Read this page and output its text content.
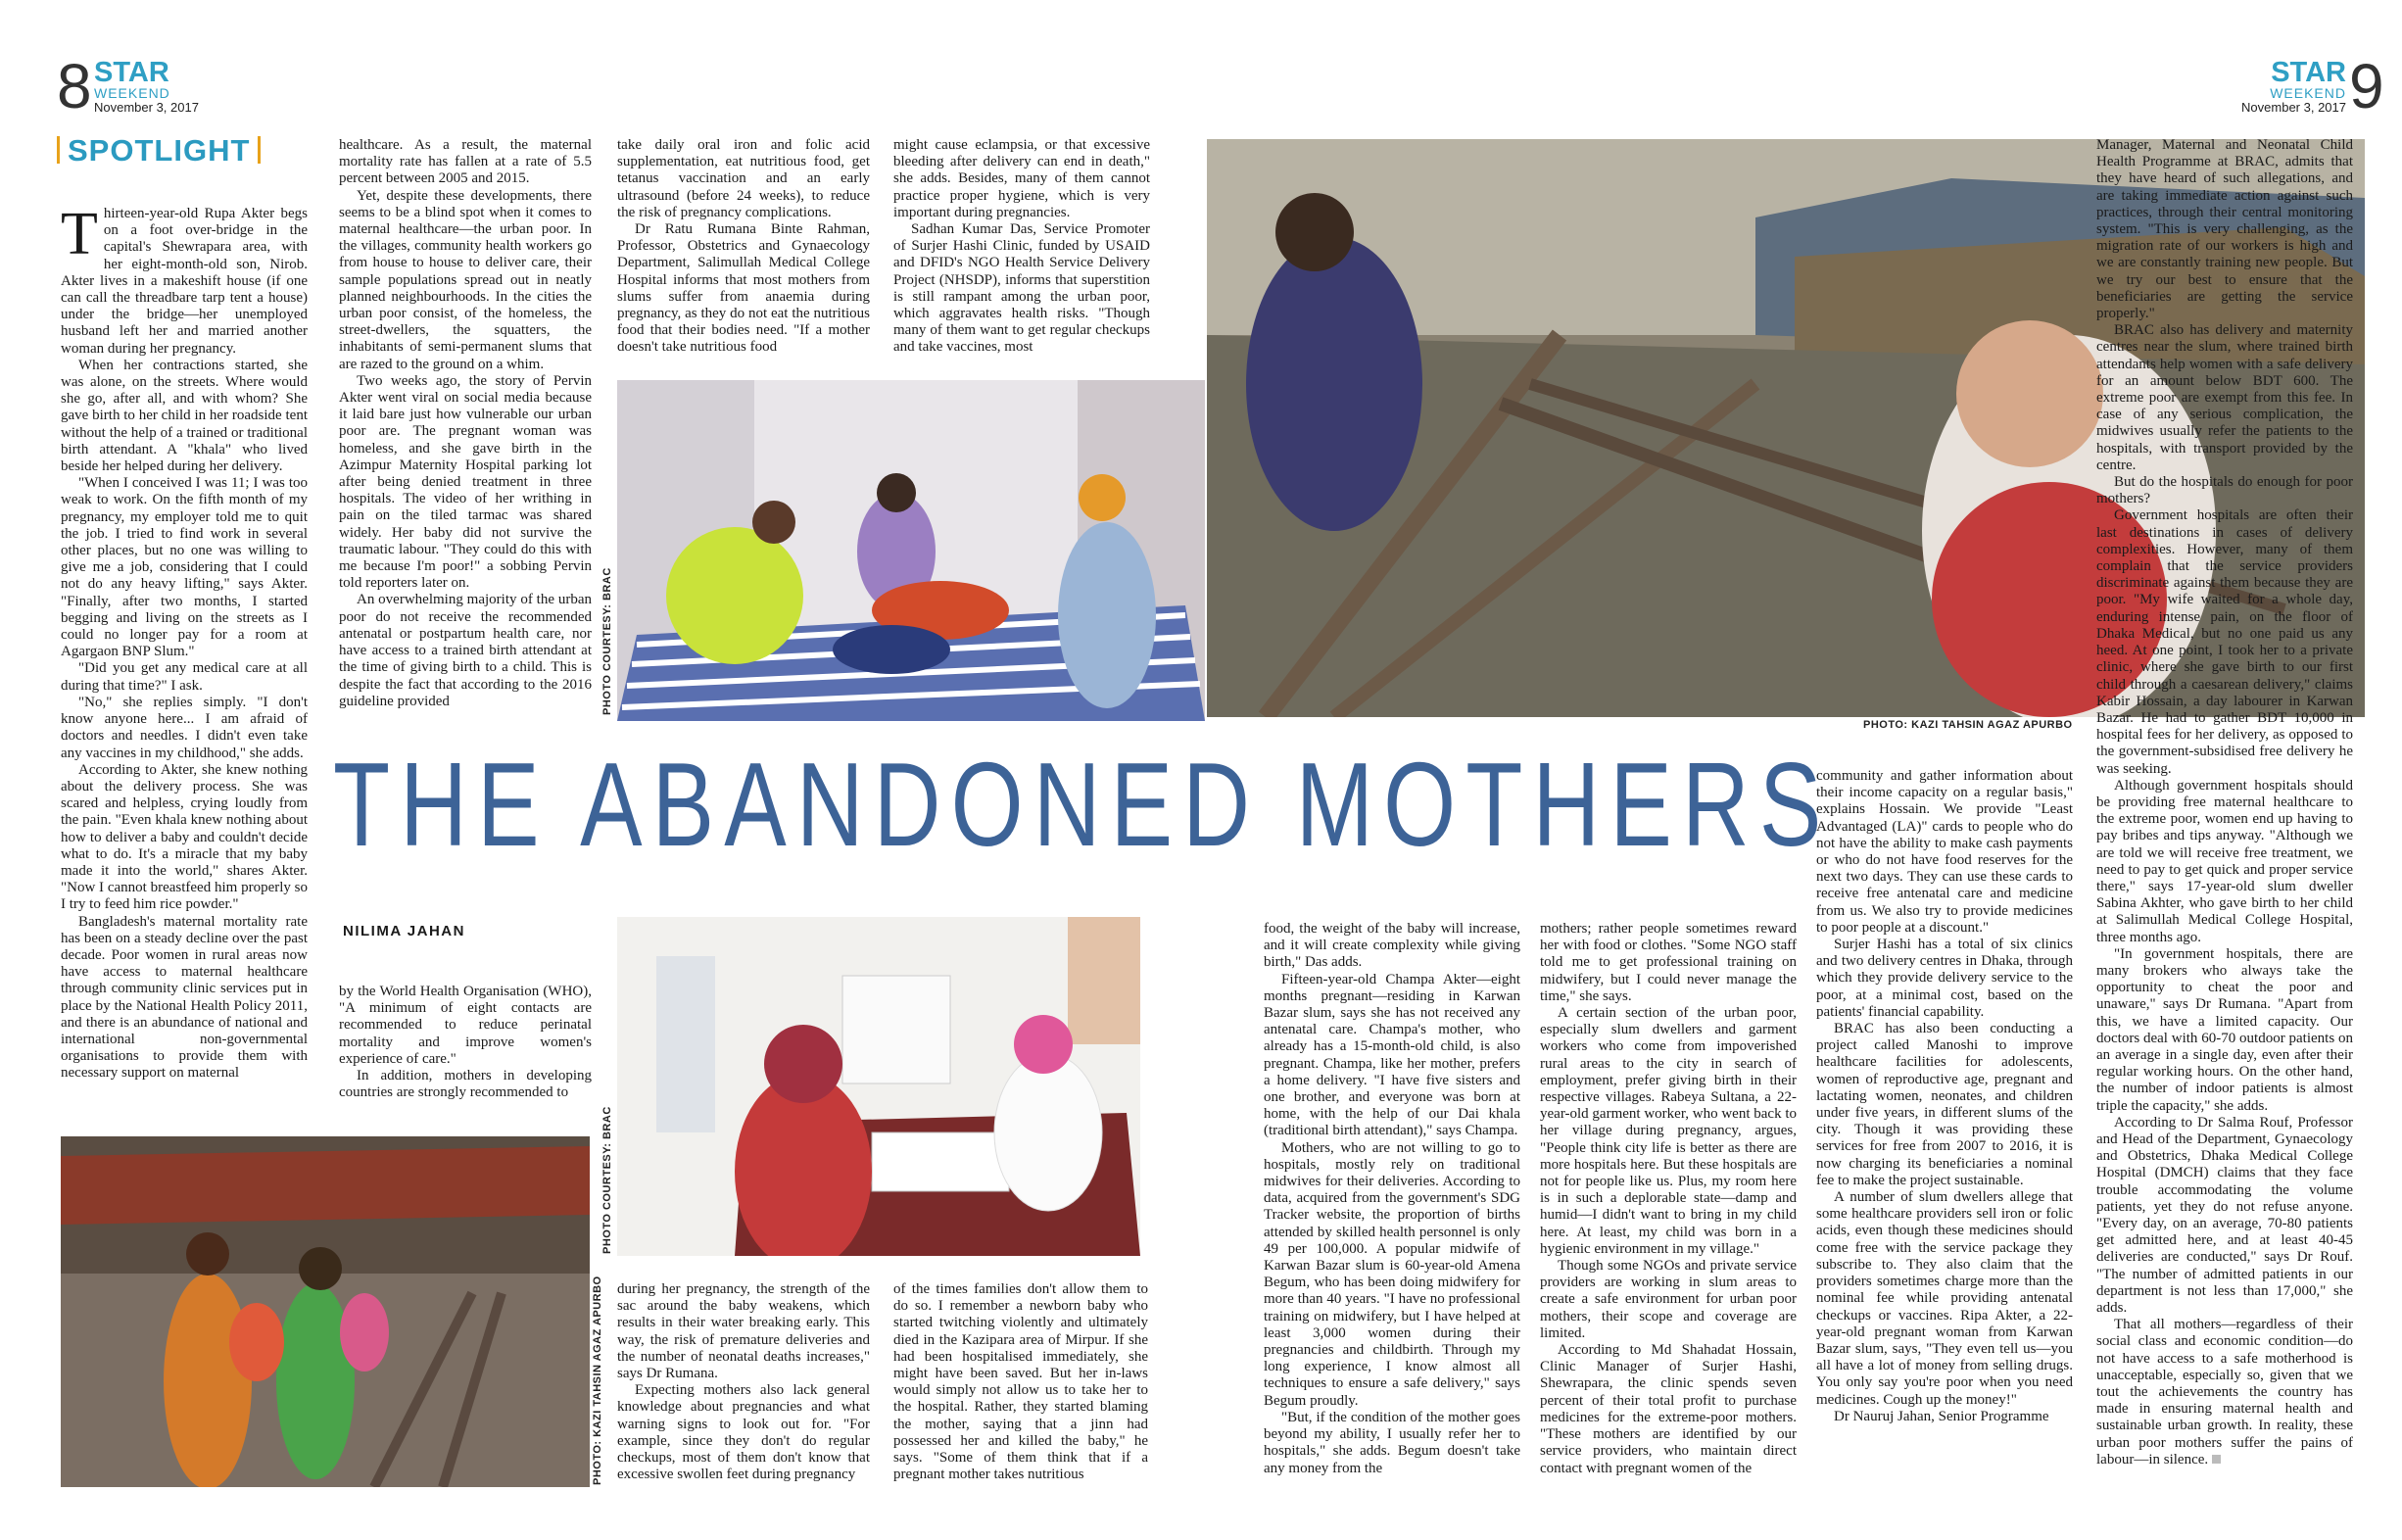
8 STAR
WEEKEND
November 3, 2017
STAR
WEEKEND
November 3, 2017 9
SPOTLIGHT
T hirteen-year-old Rupa Akter begs on a foot over-bridge in the capital's Shewrapara area, with her eight-month-old son, Nirob. Akter lives in a makeshift house (if one can call the threadbare tarp tent a house) under the bridge—her unemployed husband left her and married another woman during her pregnancy.

When her contractions started, she was alone, on the streets. Where would she go, after all, and with whom? She gave birth to her child in her roadside tent without the help of a trained or traditional birth attendant. A "khala" who lived beside her helped during her delivery.

"When I conceived I was 11; I was too weak to work. On the fifth month of my pregnancy, my employer told me to quit the job. I tried to find work in several other places, but no one was willing to give me a job, considering that I could not do any heavy lifting," says Akter. "Finally, after two months, I started begging and living on the streets as I could no longer pay for a room at Agargaon BNP Slum."

"Did you get any medical care at all during that time?" I ask.

"No," she replies simply. "I don't know anyone here... I am afraid of doctors and needles. I didn't even take any vaccines in my childhood," she adds.

According to Akter, she knew nothing about the delivery process. She was scared and helpless, crying loudly from the pain. "Even khala knew nothing about how to deliver a baby and couldn't decide what to do. It's a miracle that my baby made it into the world," shares Akter. "Now I cannot breastfeed him properly so I try to feed him rice powder."

Bangladesh's maternal mortality rate has been on a steady decline over the past decade. Poor women in rural areas now have access to maternal healthcare through community clinic services put in place by the National Health Policy 2011, and there is an abundance of national and international non-governmental organisations to provide them with necessary support on maternal

healthcare. As a result, the maternal mortality rate has fallen at a rate of 5.5 percent between 2005 and 2015.

Yet, despite these developments, there seems to be a blind spot when it comes to maternal healthcare—the urban poor. In the villages, community health workers go from house to house to deliver care, their sample populations spread out in neatly planned neighbourhoods. In the cities the urban poor consist, of the homeless, the street-dwellers, the squatters, the inhabitants of semi-permanent slums that are razed to the ground on a whim.

Two weeks ago, the story of Pervin Akter went viral on social media because it laid bare just how vulnerable our urban poor are. The pregnant woman was homeless, and she gave birth in the Azimpur Maternity Hospital parking lot after being denied treatment in three hospitals. The video of her writhing in pain on the tiled tarmac was shared widely. Her baby did not survive the traumatic labour. "They could do this with me because I'm poor!" a sobbing Pervin told reporters later on.

An overwhelming majority of the urban poor do not receive the recommended antenatal or postpartum health care, nor have access to a trained birth attendant at the time of giving birth to a child. This is despite the fact that according to the 2016 guideline provided

take daily oral iron and folic acid supplementation, eat nutritious food, get tetanus vaccination and an early ultrasound (before 24 weeks), to reduce the risk of pregnancy complications.

Dr Ratu Rumana Binte Rahman, Professor, Obstetrics and Gynaecology Department, Salimullah Medical College Hospital informs that most mothers from slums suffer from anaemia during pregnancy, as they do not eat the nutritious food that their bodies need. "If a mother doesn't take nutritious food

might cause eclampsia, or that excessive bleeding after delivery can end in death," she adds. Besides, many of them cannot practice proper hygiene, which is very important during pregnancies.

Sadhan Kumar Das, Service Promoter of Surjer Hashi Clinic, funded by USAID and DFID's NGO Health Service Delivery Project (NHSDP), informs that superstition is still rampant among the urban poor, which aggravates health risks. "Though many of them want to get regular checkups and take vaccines, most

PHOTO COURTESY: BRAC
PHOTO: KAZI TAHSIN AGAZ APURBO
THE ABANDONED MOTHERS
NILIMA JAHAN

by the World Health Organisation (WHO), "A minimum of eight contacts are recommended to reduce perinatal mortality and improve women's experience of care."

In addition, mothers in developing countries are strongly recommended to

PHOTO COURTESY: BRAC
PHOTO: KAZI TAHSIN AGAZ APURBO during her pregnancy, the strength of the sac around the baby weakens, which results in their water breaking early. This way, the risk of premature deliveries and the number of neonatal deaths increases," says Dr Rumana.

Expecting mothers also lack general knowledge about pregnancies and what warning signs to look out for. "For example, since they don't do regular checkups, most of them don't know that excessive swollen feet during pregnancy

of the times families don't allow them to do so. I remember a newborn baby who started twitching violently and ultimately died in the Kazipara area of Mirpur. If she had been hospitalised immediately, she might have been saved. But her in-laws would simply not allow us to take her to the hospital. Rather, they started blaming the mother, saying that a jinn had possessed her and killed the baby," he says. "Some of them think that if a pregnant mother takes nutritious

food, the weight of the baby will increase, and it will create complexity while giving birth," Das adds.

Fifteen-year-old Champa Akter—eight months pregnant—residing in Karwan Bazar slum, says she has not received any antenatal care. Champa's mother, who already has a 15-month-old child, is also pregnant. Champa, like her mother, prefers a home delivery. "I have five sisters and one brother, and everyone was born at home, with the help of our Dai khala (traditional birth attendant)," says Champa.

Mothers, who are not willing to go to hospitals, mostly rely on traditional midwives for their deliveries. According to data, acquired from the government's SDG Tracker website, the proportion of births attended by skilled health personnel is only 49 per 100,000. A popular midwife of Karwan Bazar slum is 60-year-old Amena Begum, who has been doing midwifery for more than 40 years. "I have no professional training on midwifery, but I have helped at least 3,000 women during their pregnancies and childbirth. Through my long experience, I know almost all techniques to ensure a safe delivery," says Begum proudly.

"But, if the condition of the mother goes beyond my ability, I usually refer her to hospitals," she adds. Begum doesn't take any money from the

mothers; rather people sometimes reward her with food or clothes. "Some NGO staff told me to get professional training on midwifery, but I could never manage the time," she says.

A certain section of the urban poor, especially slum dwellers and garment workers who come from impoverished rural areas to the city in search of employment, prefer giving birth in their respective villages. Rabeya Sultana, a 22-year-old garment worker, who went back to her village during pregnancy, argues, "People think city life is better as there are more hospitals here. But these hospitals are not for people like us. Plus, my room here is in such a deplorable state—damp and humid—I didn't want to bring in my child here. At least, my child was born in a hygienic environment in my village."

Though some NGOs and private service providers are working in slum areas to create a safe environment for urban poor mothers, their scope and coverage are limited.

According to Md Shahadat Hossain, Clinic Manager of Surjer Hashi, Shewrapara, the clinic spends seven percent of their total profit to purchase medicines for the extreme-poor mothers. "These mothers are identified by our service providers, who maintain direct contact with pregnant women of the

community and gather information about their income capacity on a regular basis," explains Hossain. We provide "Least Advantaged (LA)" cards to people who do not have the ability to make cash payments or who do not have food reserves for the next two days. They can use these cards to receive free antenatal care and medicine from us. We also try to provide medicines to poor people at a discount."

Surjer Hashi has a total of six clinics and two delivery centres in Dhaka, through which they provide delivery service to the poor, at a minimal cost, based on the patients' financial capability.

BRAC has also been conducting a project called Manoshi to improve healthcare facilities for adolescents, women of reproductive age, pregnant and lactating women, neonates, and children under five years, in different slums of the city. Though it was providing these services for free from 2007 to 2016, it is now charging its beneficiaries a nominal fee to make the project sustainable.

A number of slum dwellers allege that some healthcare providers sell iron or folic acids, even though these medicines should come free with the service package they subscribe to. They also claim that the providers sometimes charge more than the nominal fee while providing antenatal checkups or vaccines. Ripa Akter, a 22-year-old pregnant woman from Karwan Bazar slum, says, "They even tell us—you all have a lot of money from selling drugs. You only say you're poor when you need medicines. Cough up the money!"

Dr Nauruj Jahan, Senior Programme

Manager, Maternal and Neonatal Child Health Programme at BRAC, admits that they have heard of such allegations, and are taking immediate action against such practices, through their central monitoring system. "This is very challenging, as the migration rate of our workers is high and we are constantly training new people. But we try our best to ensure that the beneficiaries are getting the service properly."

BRAC also has delivery and maternity centres near the slum, where trained birth attendants help women with a safe delivery for an amount below BDT 600. The extreme poor are exempt from this fee. In case of any serious complication, the midwives usually refer the patients to the hospitals, with transport provided by the centre.

But do the hospitals do enough for poor mothers?

Government hospitals are often their last destinations in cases of delivery complexities. However, many of them complain that the service providers discriminate against them because they are poor. "My wife waited for a whole day, enduring intense pain, on the floor of Dhaka Medical, but no one paid us any heed. At one point, I took her to a private clinic, where she gave birth to our first child through a caesarean delivery," claims Kabir Hossain, a day labourer in Karwan Bazar. He had to gather BDT 10,000 in hospital fees for her delivery, as opposed to the government-subsidised free delivery he was seeking.

Although government hospitals should be providing free maternal healthcare to the extreme poor, women end up having to pay bribes and tips anyway. "Although we are told we will receive free treatment, we need to pay to get quick and proper service there," says 17-year-old slum dweller Sabina Akhter, who gave birth to her child at Salimullah Medical College Hospital, three months ago.

"In government hospitals, there are many brokers who always take the opportunity to cheat the poor and unaware," says Dr Rumana. "Apart from this, we have a limited capacity. Our doctors deal with 60-70 outdoor patients on an average in a single day, even after their regular working hours. On the other hand, the number of indoor patients is almost triple the capacity," she adds.

According to Dr Salma Rouf, Professor and Head of the Department, Gynaecology and Obstetrics, Dhaka Medical College Hospital (DMCH) claims that they face trouble accommodating the volume patients, yet they do not refuse anyone. "Every day, on an average, 70-80 patients get admitted here, and at least 40-45 deliveries are conducted," says Dr Rouf. "The number of admitted patients in our department is not less than 17,000," she adds.

That all mothers—regardless of their social class and economic condition—do not have access to a safe motherhood is unacceptable, especially so, given that we tout the achievements the country has made in ensuring maternal health and sustainable urban growth. In reality, these urban poor mothers suffer the pains of labour—in silence.
